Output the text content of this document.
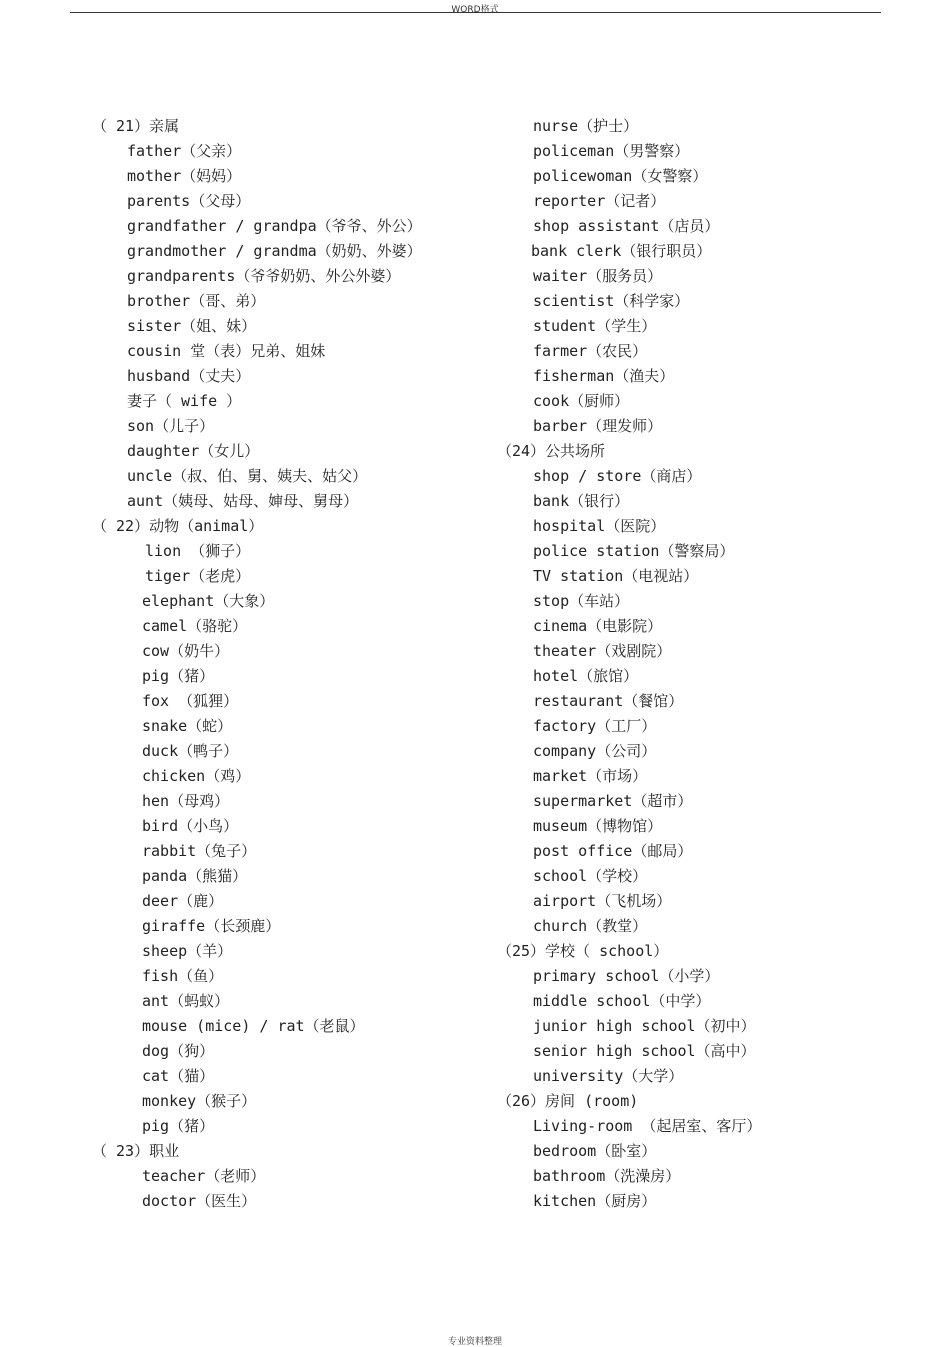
WORD格式
（ 21）亲属
father（父亲）
mother（妈妈）
parents（父母）
grandfather / grandpa（爷爷、外公）
grandmother / grandma（奶奶、外婆）
grandparents（爷爷奶奶、外公外婆）
brother（哥、弟）
sister（姐、妹）
cousin 堂（表）兄弟、姐妹
husband（丈夫）
妻子（ wife ）
son（儿子）
daughter（女儿）
uncle（叔、伯、舅、姨夫、姑父）
aunt（姨母、姑母、婶母、舅母）
（ 22）动物（animal）
lion （狮子）
tiger（老虎）
elephant（大象）
camel（骆驼）
cow（奶牛）
pig（猪）
fox （狐狸）
snake（蛇）
duck（鸭子）
chicken（鸡）
hen（母鸡）
bird（小鸟）
rabbit（兔子）
panda（熊猫）
deer（鹿）
giraffe（长颈鹿）
sheep（羊）
fish（鱼）
ant（蚂蚁）
mouse (mice) / rat（老鼠）
dog（狗）
cat（猫）
monkey（猴子）
pig（猪）
（ 23）职业
teacher（老师）
doctor（医生）
nurse（护士）
policeman（男警察）
policewoman（女警察）
reporter（记者）
shop assistant（店员）
bank clerk（银行职员）
waiter（服务员）
scientist（科学家）
student（学生）
farmer（农民）
fisherman（渔夫）
cook（厨师）
barber（理发师）
（24）公共场所
shop / store（商店）
bank（银行）
hospital（医院）
police station（警察局）
TV station（电视站）
stop（车站）
cinema（电影院）
theater（戏剧院）
hotel（旅馆）
restaurant（餐馆）
factory（工厂）
company（公司）
market（市场）
supermarket（超市）
museum（博物馆）
post office（邮局）
school（学校）
airport（飞机场）
church（教堂）
（25）学校（ school）
primary school（小学）
middle school（中学）
junior high school（初中）
senior high school（高中）
university（大学）
（26）房间 (room)
Living-room （起居室、客厅）
bedroom（卧室）
bathroom（洗澡房）
kitchen（厨房）
专业资料整理
